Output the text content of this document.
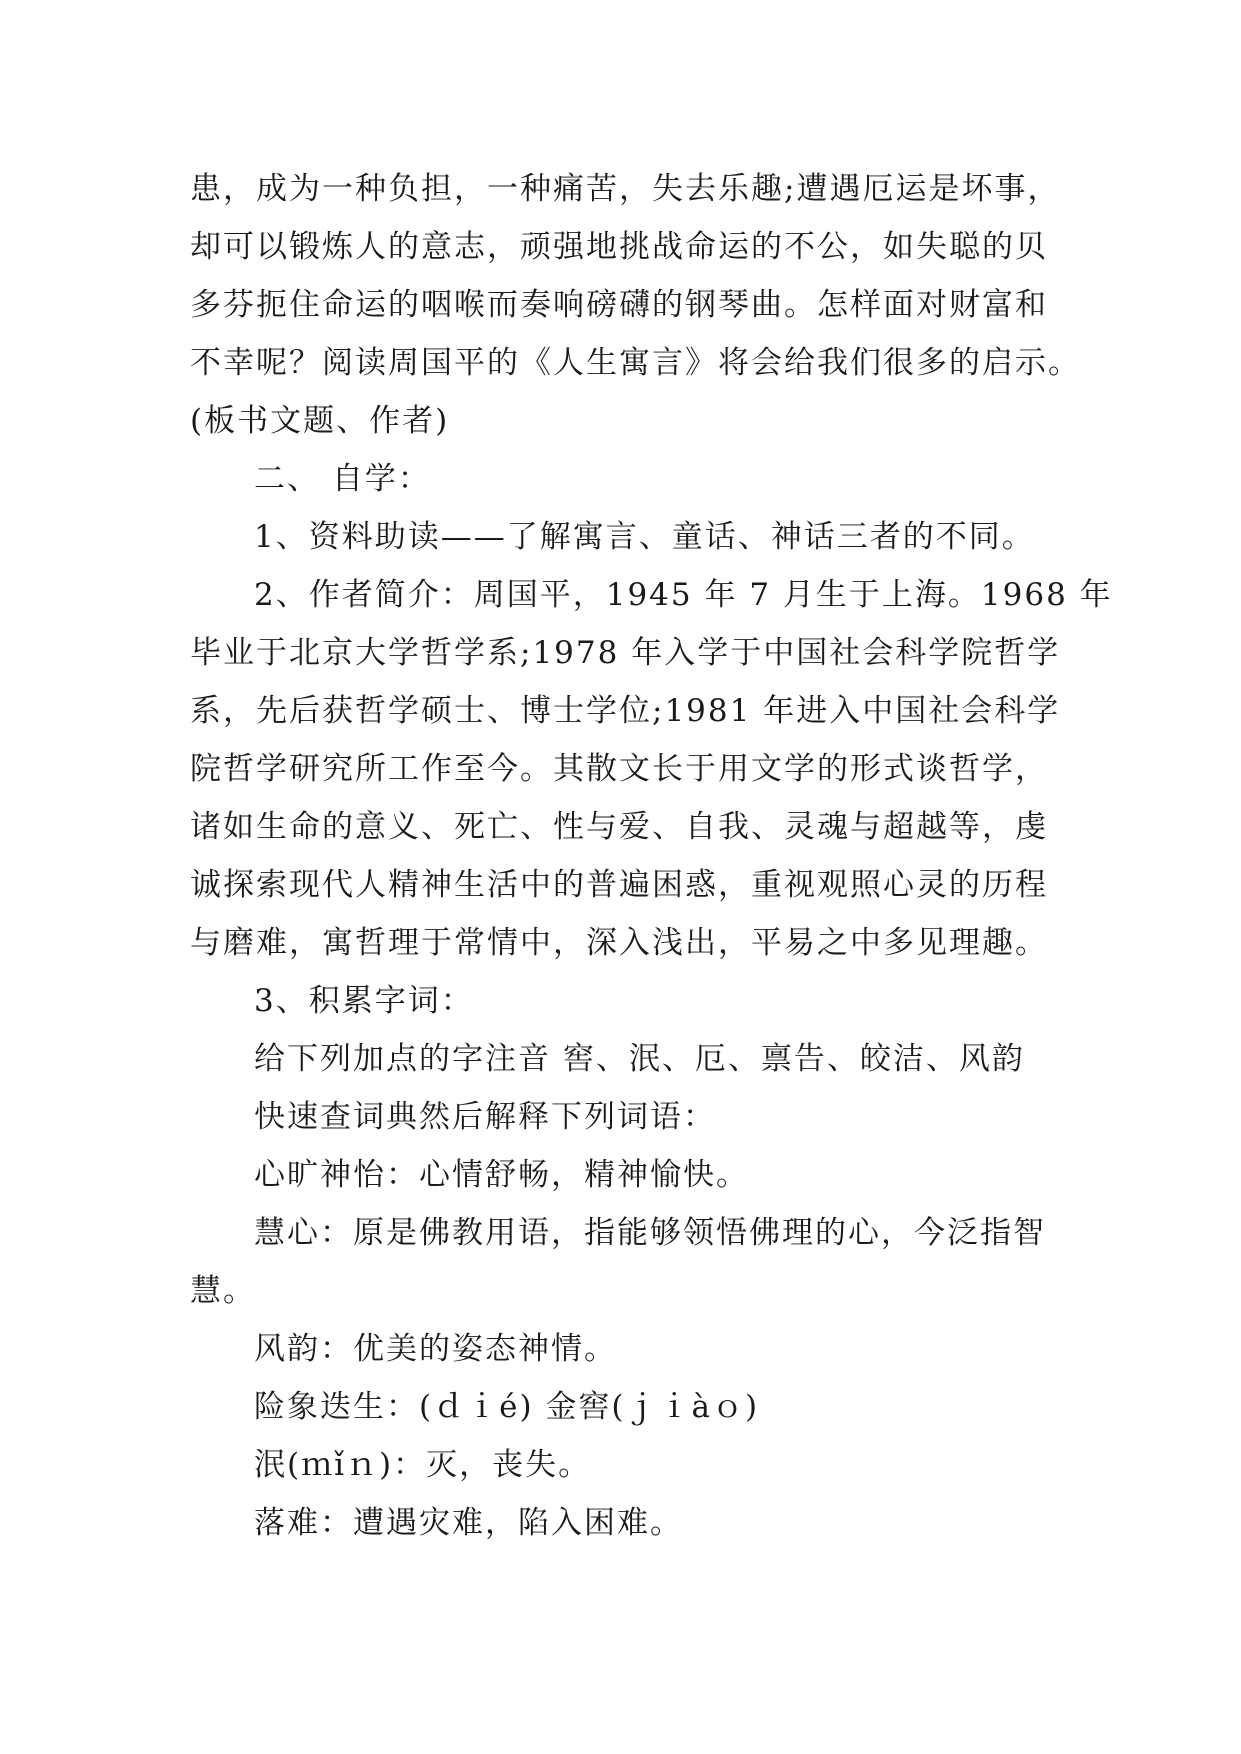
患，成为一种负担，一种痛苦，失去乐趣;遭遇厄运是坏事，
却可以锻炼人的意志，顽强地挑战命运的不公，如失聪的贝
多芬扼住命运的咽喉而奏响磅礴的钢琴曲。怎样面对财富和
不幸呢？阅读周国平的《人生寓言》将会给我们很多的启示。
(板书文题、作者)
二、 自学：
1、资料助读——了解寓言、童话、神话三者的不同。
2、作者简介：周国平，1945 年 7 月生于上海。1968 年
毕业于北京大学哲学系;1978 年入学于中国社会科学院哲学
系，先后获哲学硕士、博士学位;1981 年进入中国社会科学
院哲学研究所工作至今。其散文长于用文学的形式谈哲学，
诸如生命的意义、死亡、性与爱、自我、灵魂与超越等，虔
诚探索现代人精神生活中的普遍困惑，重视观照心灵的历程
与磨难，寓哲理于常情中，深入浅出，平易之中多见理趣。
3、积累字词：
给下列加点的字注音 窖、泯、厄、禀告、皎洁、风韵
快速查词典然后解释下列词语：
心旷神怡：心情舒畅，精神愉快。
慧心：原是佛教用语，指能够领悟佛理的心，今泛指智
慧。
风韵：优美的姿态神情。
险象迭生：(ｄｉé) 金窖(ｊｉàｏ)
泯(ｍǐｎ)：灭，丧失。
落难：遭遇灾难，陷入困难。
